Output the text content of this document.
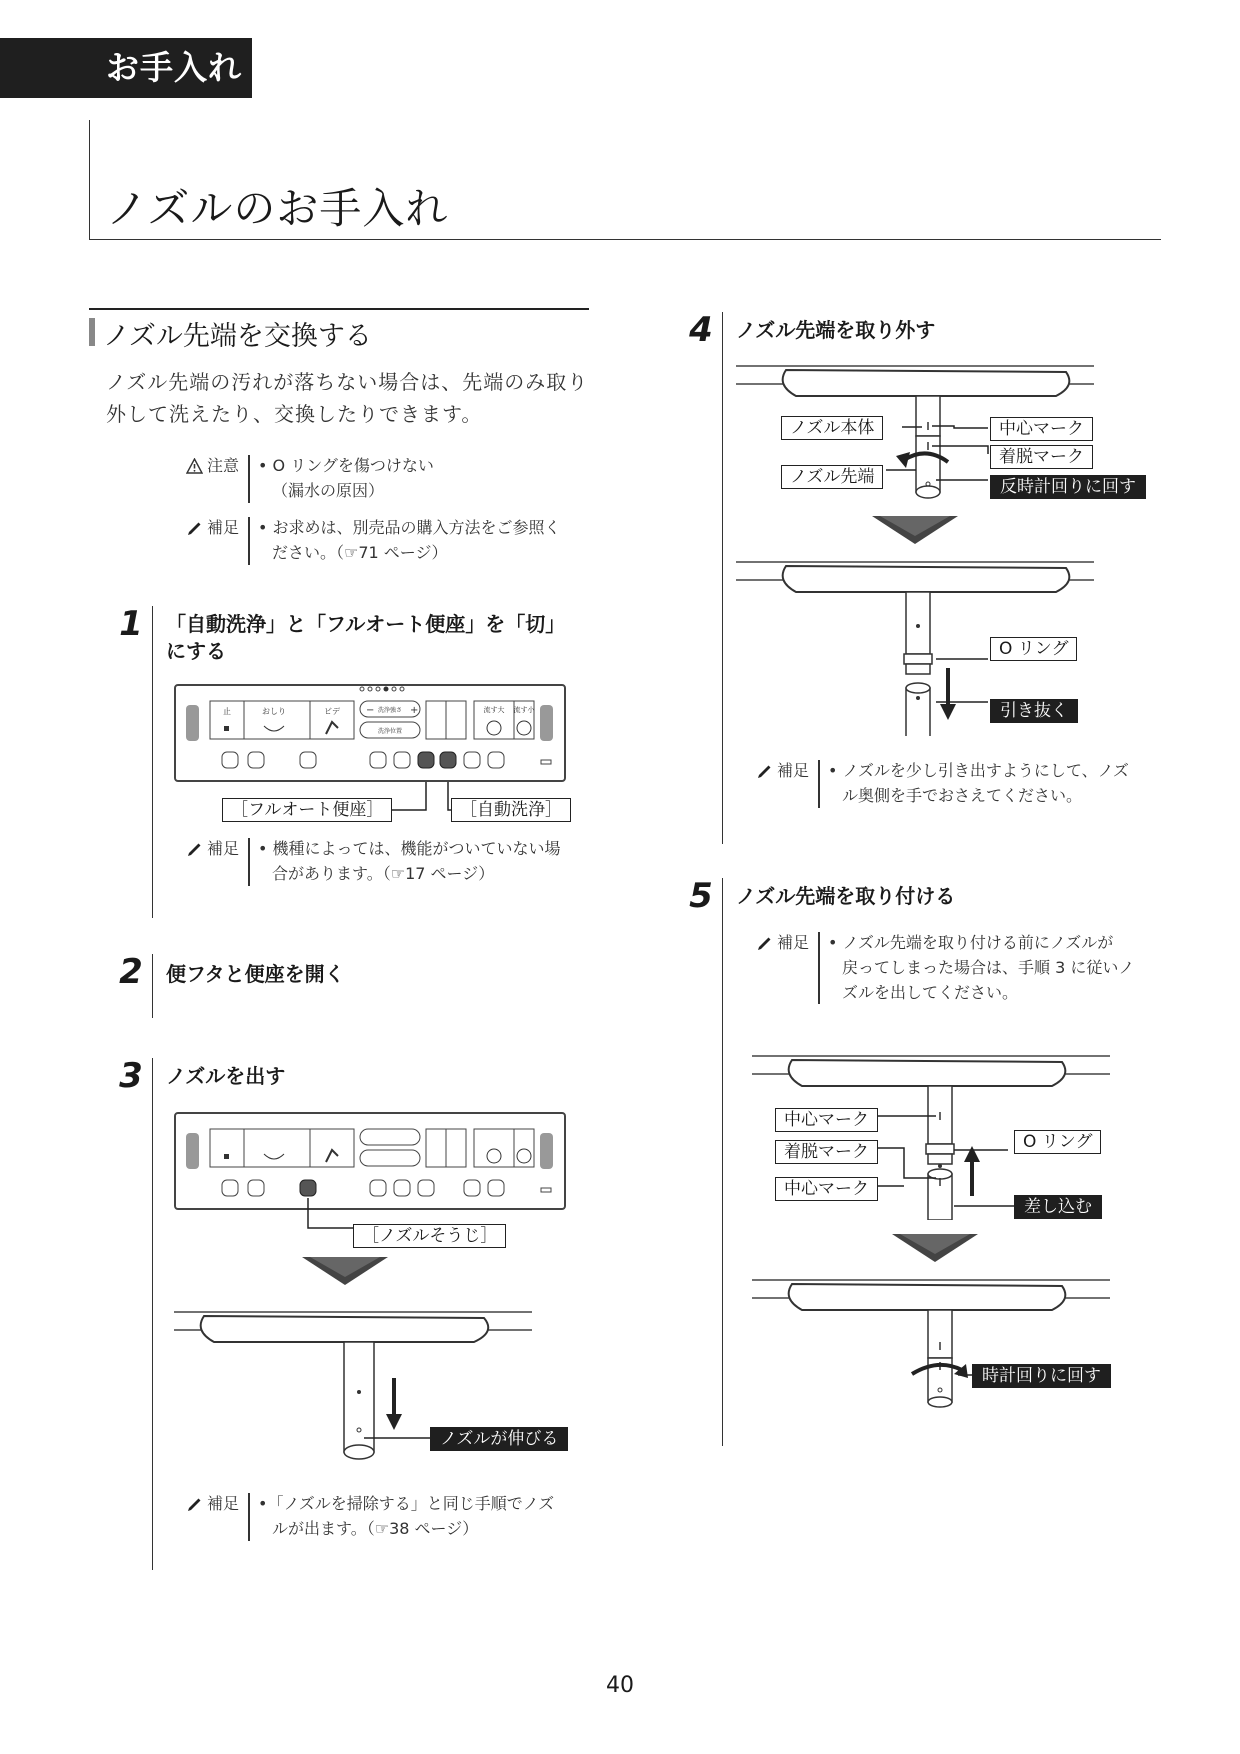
お手入れ
ノズルのお手入れ
ノズル先端を交換する
ノズル先端の汚れが落ちない場合は、先端のみ取り外して洗えたり、交換したりできます。
注意 • O リングを傷つけない
（漏水の原因）
補足 • お求めは、別売品の購入方法をご参照く
ださい。（☞71 ページ）
1 「自動洗浄」と「フルオート便座」を「切」
にする
止	おしり	ビデ	−	+
洗浄強さ
洗浄位置
流す大 流す小
［フルオート便座］	［自動洗浄］
補足 • 機種によっては、機能がついていない場
合があります。（☞17 ページ）
2 便フタと便座を開く
3 ノズルを出す
［ノズルそうじ］
ノズルが伸びる
補足 •「ノズルを掃除する」と同じ手順でノズ
ルが出ます。（☞38 ページ）
4 ノズル先端を取り外す
ノズル本体
ノズル先端
中心マーク
着脱マーク
反時計回りに回す
O リング
引き抜く
補足 • ノズルを少し引き出すようにして、ノズ
ル奥側を手でおさえてください。
5 ノズル先端を取り付ける
補足 • ノズル先端を取り付ける前にノズルが
戻ってしまった場合は、手順 3 に従いノ
ズルを出してください。
中心マーク
着脱マーク
中心マーク
O リング
差し込む
時計回りに回す
40
